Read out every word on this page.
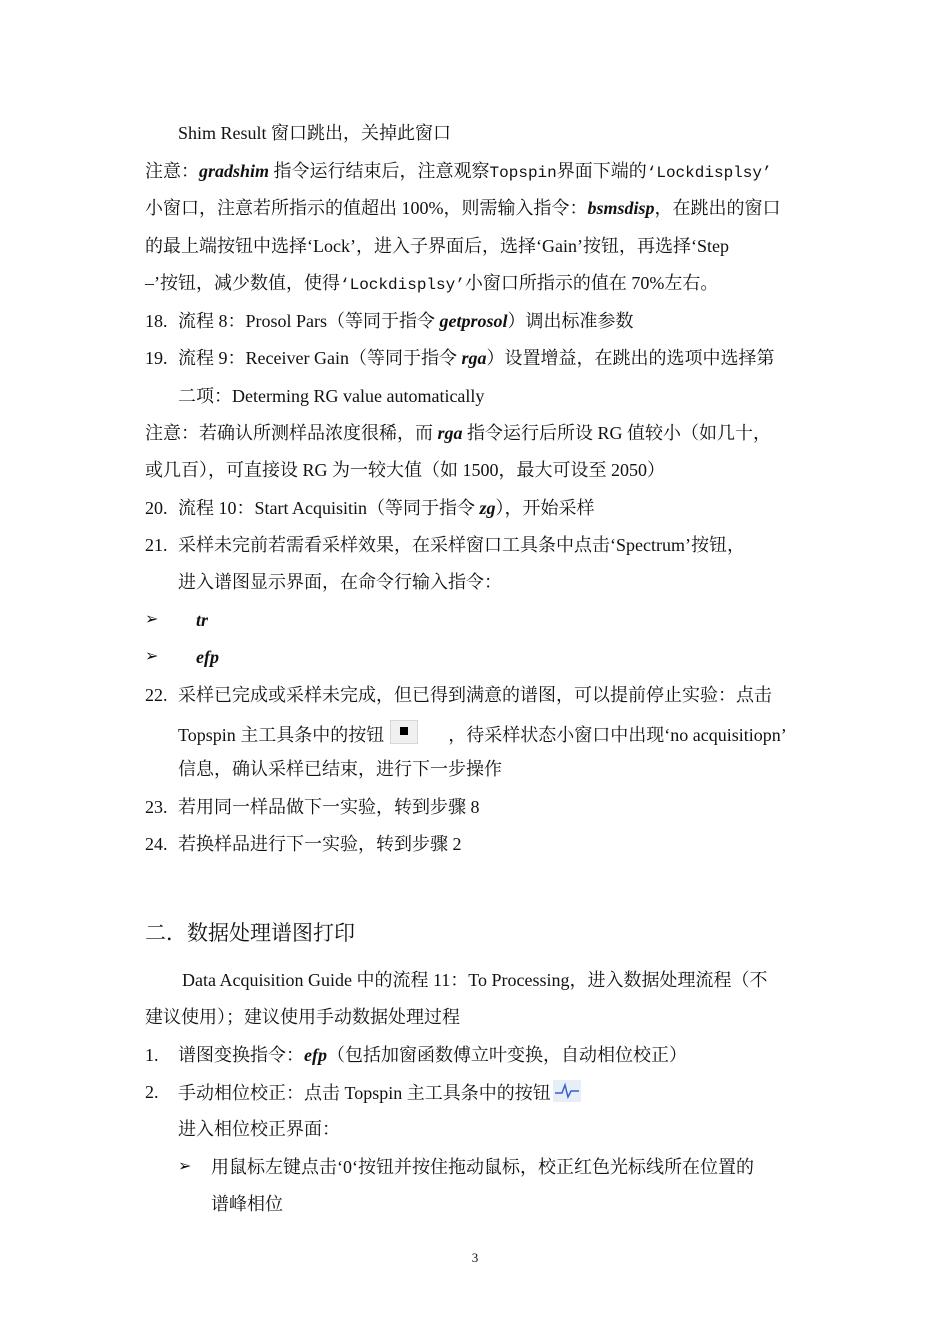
Shim Result 窗口跳出，关掉此窗口
注意：gradshim 指令运行结束后，注意观察Topspin界面下端的‘Lockdisplsy’
小窗口，注意若所指示的值超出 100%，则需输入指令：bsmsdisp，在跳出的窗口
的最上端按钮中选择‘Lock’，进入子界面后，选择‘Gain’按钮，再选择‘Step
–’按钮，减少数值，使得‘Lockdisplsy’小窗口所指示的值在 70%左右。
18. 流程 8：Prosol Pars（等同于指令 getprosol）调出标准参数
19. 流程 9：Receiver Gain（等同于指令 rga）设置增益，在跳出的选项中选择第
二项：Determing RG value automatically
注意：若确认所测样品浓度很稀，而 rga 指令运行后所设 RG 值较小（如几十，
或几百），可直接设 RG 为一较大值（如 1500，最大可设至 2050）
20. 流程 10：Start Acquisitin（等同于指令 zg），开始采样
21. 采样未完前若需看采样效果，在采样窗口工具条中点击‘Spectrum’按钮，
进入谱图显示界面，在命令行输入指令：
➢ tr
➢ efp
22. 采样已完成或采样未完成，但已得到满意的谱图，可以提前停止实验：点击
Topspin 主工具条中的按钮	，待采样状态小窗口中出现‘no acquisitiopn’
信息，确认采样已结束，进行下一步操作
23. 若用同一样品做下一实验，转到步骤 8
24. 若换样品进行下一实验，转到步骤 2
二．数据处理谱图打印
Data Acquisition Guide 中的流程 11：To Processing，进入数据处理流程（不
建议使用）；建议使用手动数据处理过程
1. 谱图变换指令：efp（包括加窗函数傅立叶变换，自动相位校正）
2. 手动相位校正：点击 Topspin 主工具条中的按钮
进入相位校正界面：
➢ 用鼠标左键点击‘0‘按钮并按住拖动鼠标，校正红色光标线所在位置的
谱峰相位
3
